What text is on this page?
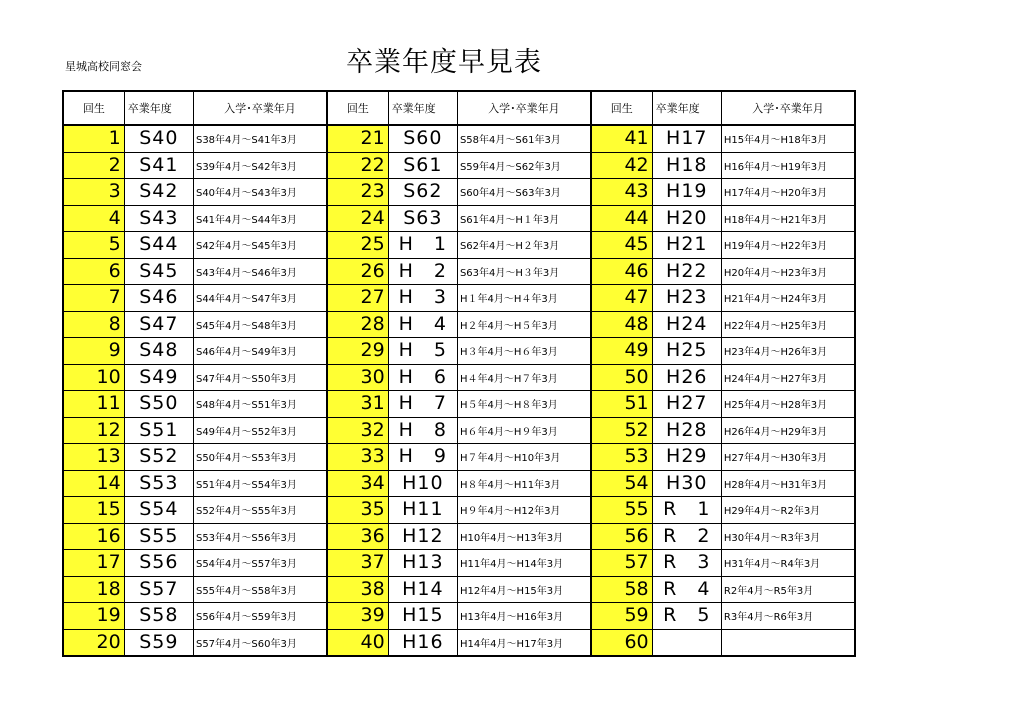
星城高校同窓会	卒業年度早見表
回生	卒業年度	入学･卒業年月	回生	卒業年度	入学･卒業年月	回生	卒業年度	入学･卒業年月
1	S40	S38年4月～S41年3月	21	S60	S58年4月～S61年3月	41	H17	H15年4月～H18年3月
2	S41	S39年4月～S42年3月	22	S61	S59年4月～S62年3月	42	H18	H16年4月～H19年3月
3	S42	S40年4月～S43年3月	23	S62	S60年4月～S63年3月	43	H19	H17年4月～H20年3月
4	S43	S41年4月～S44年3月	24	S63	S61年4月～H１年3月	44	H20	H18年4月～H21年3月
5	S44	S42年4月～S45年3月	25	H　1	S62年4月～H２年3月	45	H21	H19年4月～H22年3月
6	S45	S43年4月～S46年3月	26	H　2	S63年4月～H３年3月	46	H22	H20年4月～H23年3月
7	S46	S44年4月～S47年3月	27	H　3	H１年4月～H４年3月	47	H23	H21年4月～H24年3月
8	S47	S45年4月～S48年3月	28	H　4	H２年4月～H５年3月	48	H24	H22年4月～H25年3月
9	S48	S46年4月～S49年3月	29	H　5	H３年4月～H６年3月	49	H25	H23年4月～H26年3月
10	S49	S47年4月～S50年3月	30	H　6	H４年4月～H７年3月	50	H26	H24年4月～H27年3月
11	S50	S48年4月～S51年3月	31	H　7	H５年4月～H８年3月	51	H27	H25年4月～H28年3月
12	S51	S49年4月～S52年3月	32	H　8	H６年4月～H９年3月	52	H28	H26年4月～H29年3月
13	S52	S50年4月～S53年3月	33	H　9	H７年4月～H10年3月	53	H29	H27年4月～H30年3月
14	S53	S51年4月～S54年3月	34	H10	H８年4月～H11年3月	54	H30	H28年4月～H31年3月
15	S54	S52年4月～S55年3月	35	H11	H９年4月～H12年3月	55	R　1	H29年4月～R2年3月
16	S55	S53年4月～S56年3月	36	H12	H10年4月～H13年3月	56	R　2	H30年4月～R3年3月
17	S56	S54年4月～S57年3月	37	H13	H11年4月～H14年3月	57	R　3	H31年4月～R4年3月
18	S57	S55年4月～S58年3月	38	H14	H12年4月～H15年3月	58	R　4	R2年4月～R5年3月
19	S58	S56年4月～S59年3月	39	H15	H13年4月～H16年3月	59	R　5	R3年4月～R6年3月
20	S59	S57年4月～S60年3月	40	H16	H14年4月～H17年3月	60		
